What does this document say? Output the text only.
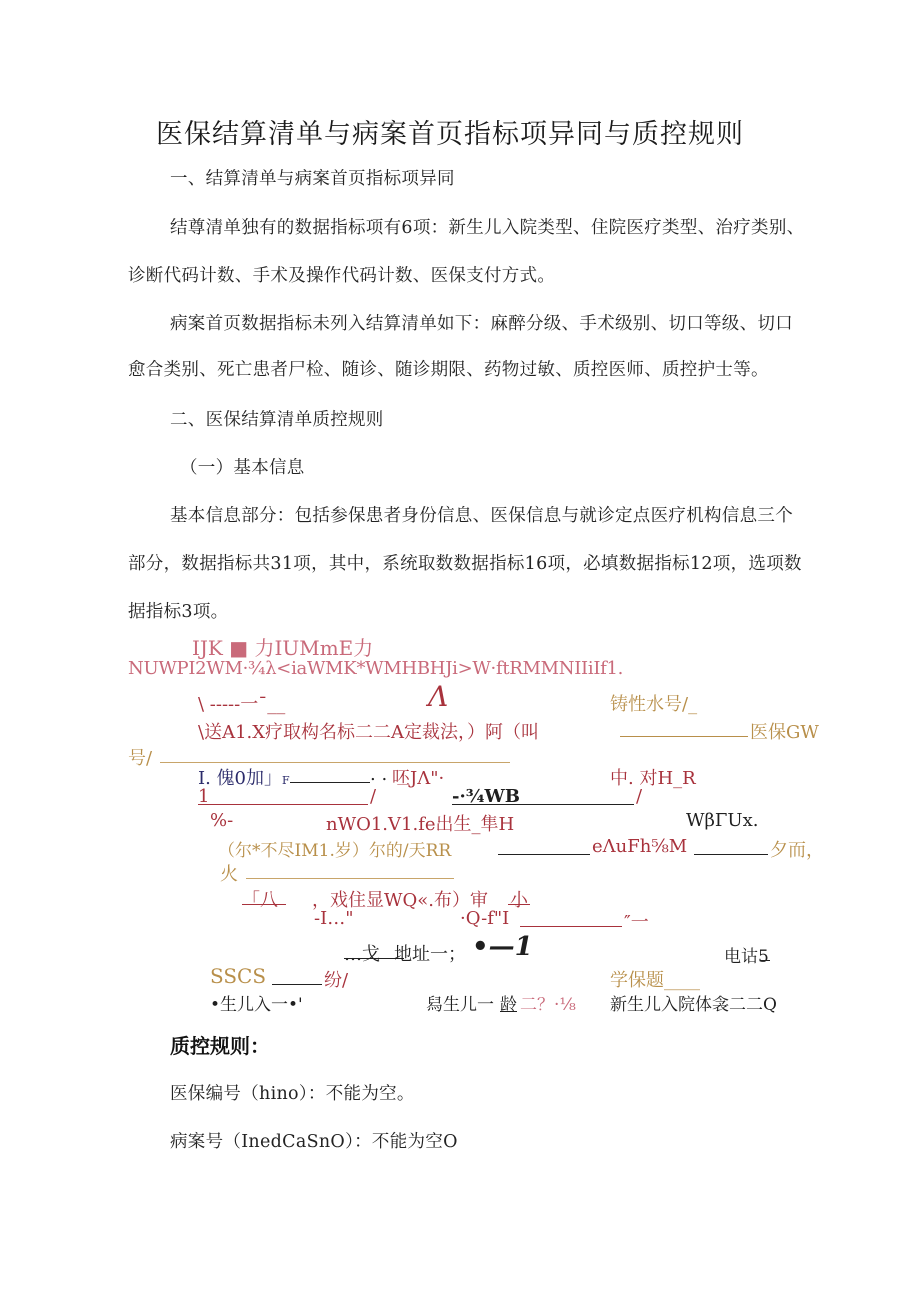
医保结算清单与病案首页指标项异同与质控规则
一、结算清单与病案首页指标项异同
结尊清单独有的数据指标项有6项：新生儿入院类型、住院医疗类型、治疗类别、
诊断代码计数、手术及操作代码计数、医保支付方式。
病案首页数据指标未列入结算清单如下：麻醉分级、手术级别、切口等级、切口
愈合类别、死亡患者尸检、随诊、随诊期限、药物过敏、质控医师、质控护士等。
二、医保结算清单质控规则
（一）基本信息
基本信息部分：包括参保患者身份信息、医保信息与就诊定点医疗机构信息三个
部分，数据指标共31项，其中，系统取数数据指标16项，必填数据指标12项，选项数
据指标3项。
IJK ■ 力IUMmE力
NUWPI2WM·¾λ<iaWMK*WMHBHJi>W·ftRMMNIIiIf1.
\ -----一ˉ__	Λ	铸性水号/_
\送A1.X疗取构名标二二A定裁法，）阿（叫	医保GW
号/
I. 傀0加」F	. . 呸JΛ"·	中. 对H_R
1	/	-·¾WB	/
%-	nWO1.V1.fe出生_隼H	WβΓUx.
（尔*不尽IM1.岁）尔的/天RR	eΛuFh⅝M	夕而，
火
「八 ，戏住显WQ«.布）审 小
-I…"	·Q-f"I	″一
…戈 地址一； •—1	电诂5
SSCS	纷/	学保题____
•生儿入一•'	舄生儿一 龄 二？·⅛ 新生儿入院体衾二二Q
质控规则：
医保编号（hino）：不能为空。
病案号（InedCaSnO）：不能为空O
